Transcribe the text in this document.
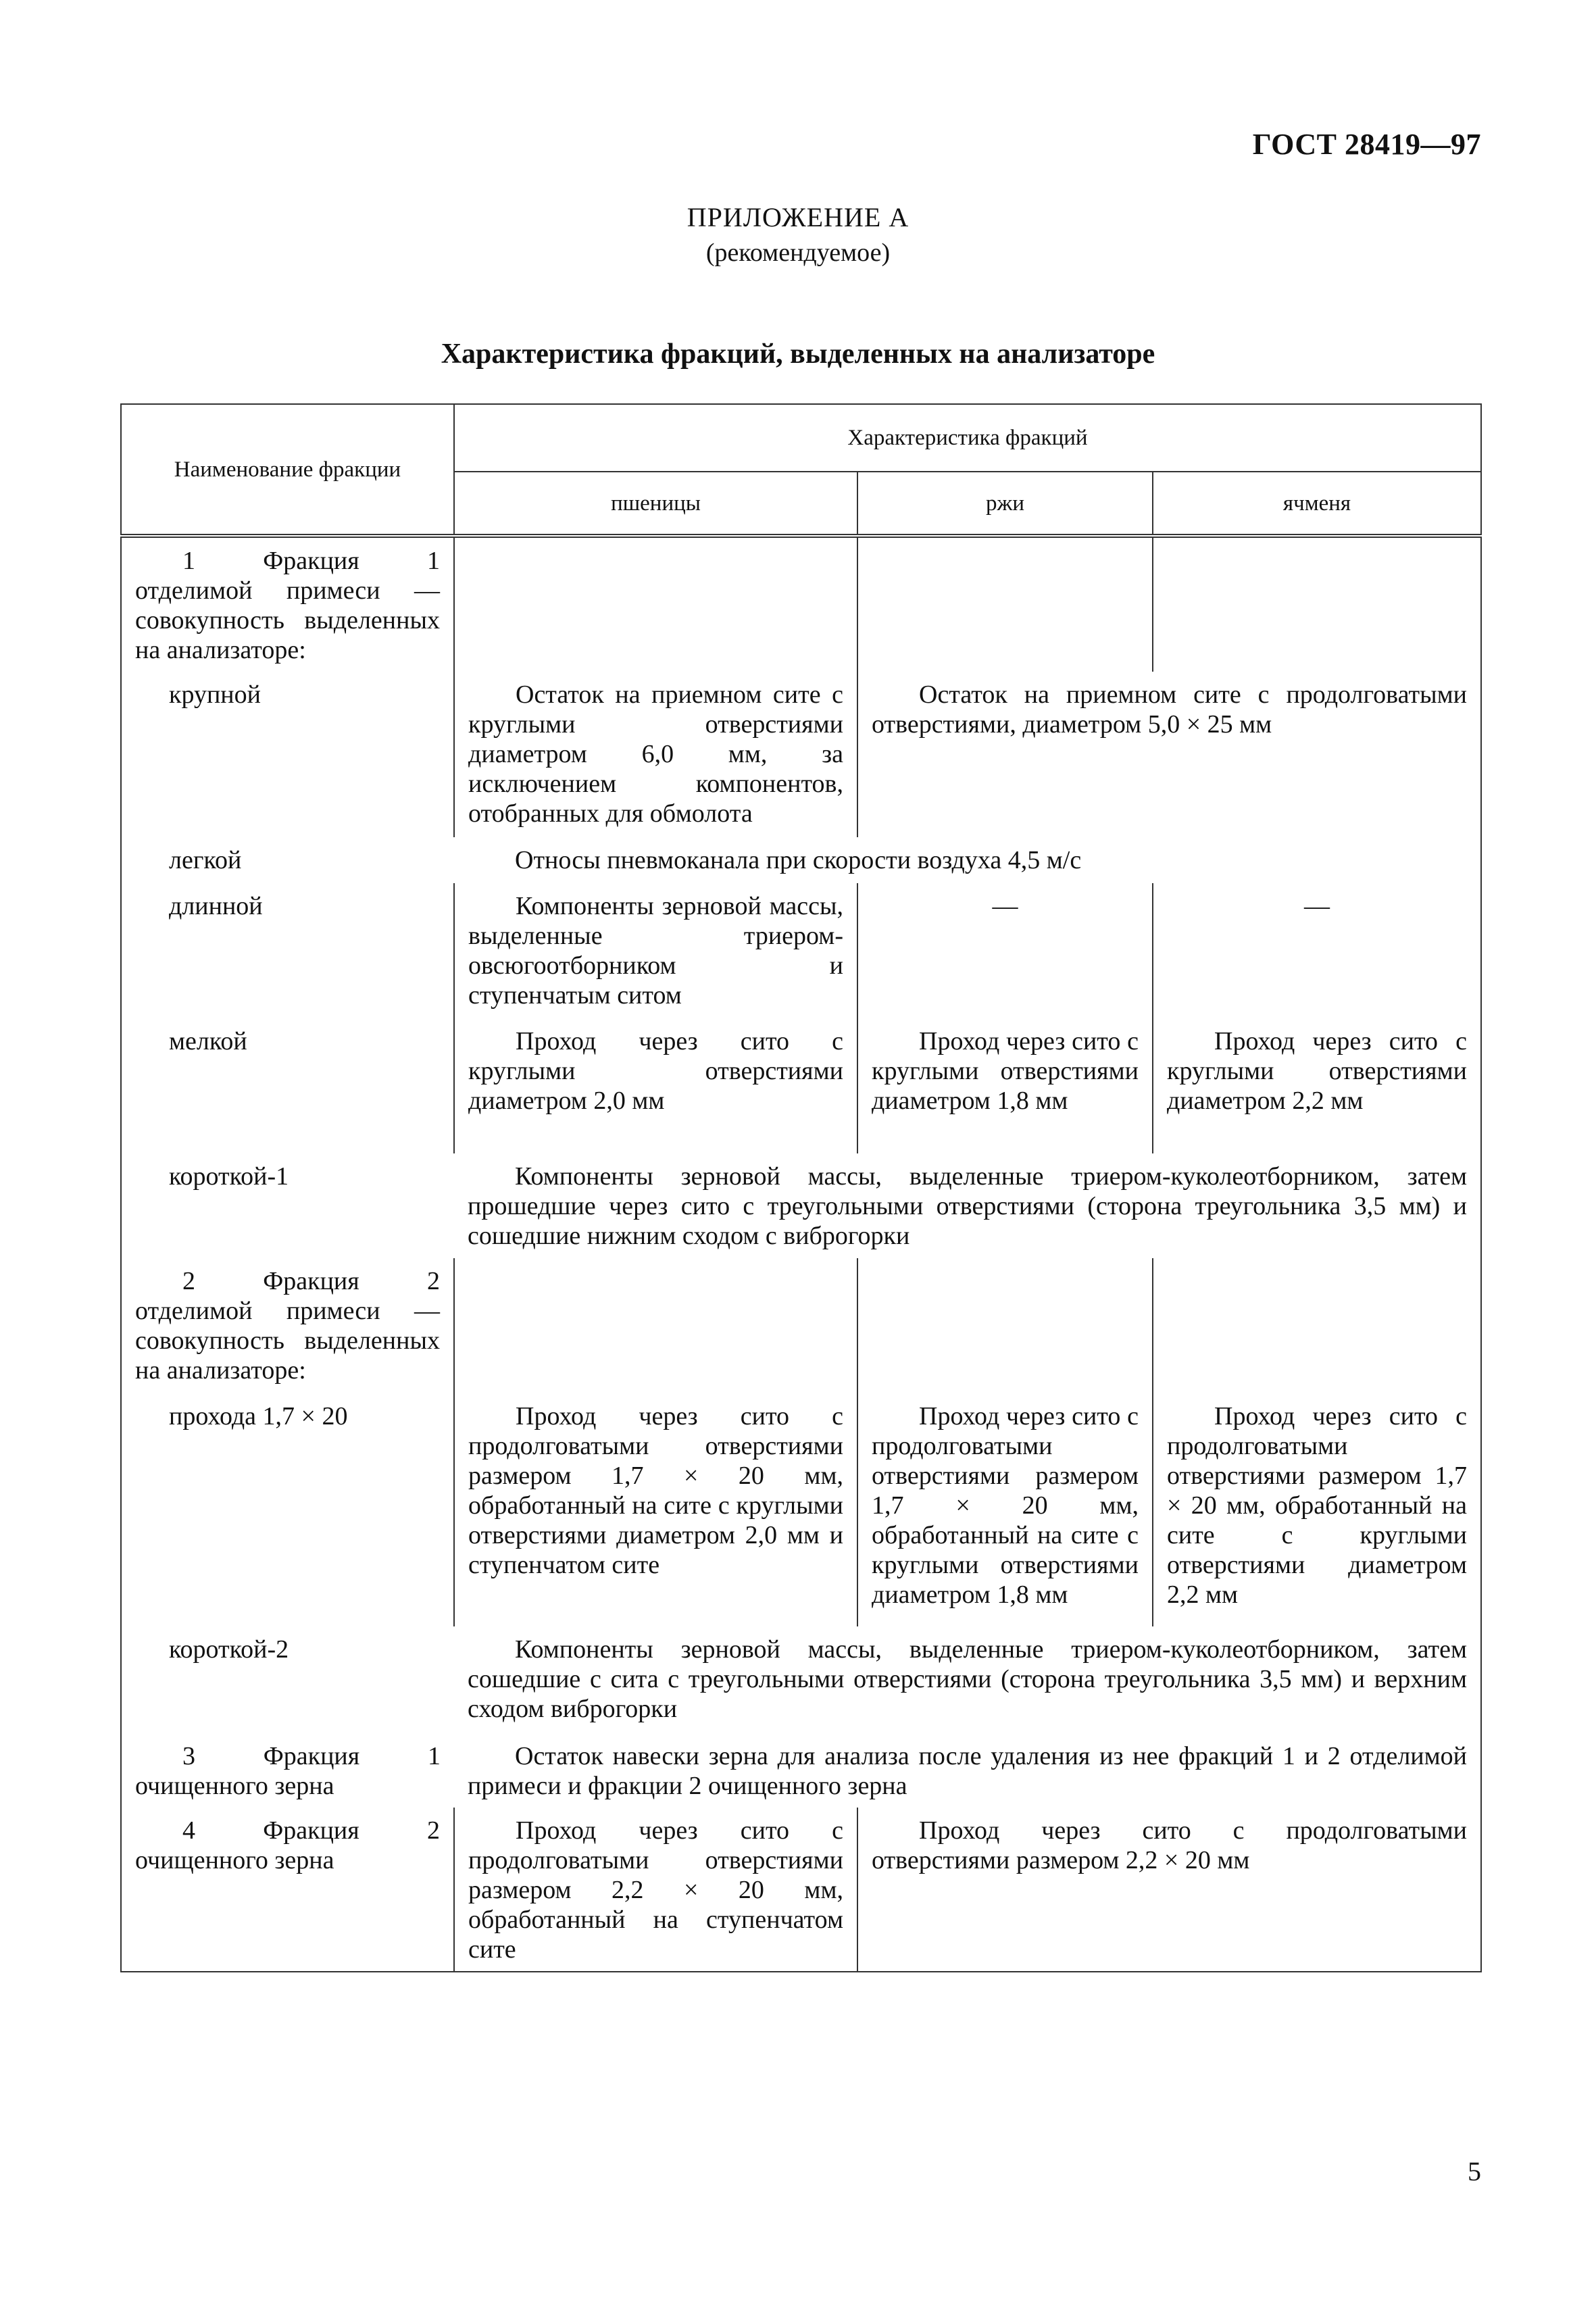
ГОСТ 28419—97
ПРИЛОЖЕНИЕ А
(рекомендуемое)
Характеристика фракций, выделенных на анализаторе
Наименование фракции	Характеристика фракций		
	пшеницы	ржи	ячменя
1 Фракция 1 отделимой примеси — совокупность выделенных на анализаторе:			
крупной	Остаток на приемном сите с круглыми отверстиями диаметром 6,0 мм, за исключением компонентов, отобранных для обмолота	Остаток на приемном сите с продолговатыми отверстиями, диаметром 5,0 × 25 мм	
легкой	Относы пневмоканала при скорости воздуха 4,5 м/с		
длинной	Компоненты зерновой массы, выделенные триером-овсюгоотборником и ступенчатым ситом	—	—
мелкой	Проход через сито с круглыми отверстиями диаметром 2,0 мм	Проход через сито с круглыми отверстиями диаметром 1,8 мм	Проход через сито с круглыми отверстиями диаметром 2,2 мм
короткой-1	Компоненты зерновой массы, выделенные триером-куколеотборником, затем прошедшие через сито с треугольными отверстиями (сторона треугольника 3,5 мм) и сошедшие нижним сходом с виброгорки		
2 Фракция 2 отделимой примеси — совокупность выделенных на анализаторе:			
прохода 1,7 × 20	Проход через сито с продолговатыми отверстиями размером 1,7 × 20 мм, обработанный на сите с круглыми отверстиями диаметром 2,0 мм и ступенчатом сите	Проход через сито с продолговатыми отверстиями размером 1,7 × 20 мм, обработанный на сите с круглыми отверстиями диаметром 1,8 мм	Проход через сито с продолговатыми отверстиями размером 1,7 × 20 мм, обработанный на сите с круглыми отверстиями диаметром 2,2 мм
короткой-2	Компоненты зерновой массы, выделенные триером-куколеотборником, затем сошедшие с сита с треугольными отверстиями (сторона треугольника 3,5 мм) и верхним сходом виброгорки		
3 Фракция 1 очищенного зерна	Остаток навески зерна для анализа после удаления из нее фракций 1 и 2 отделимой примеси и фракции 2 очищенного зерна		
4 Фракция 2 очищенного зерна	Проход через сито с продолговатыми отверстиями размером 2,2 × 20 мм, обработанный на ступенчатом сите	Проход через сито с продолговатыми отверстиями размером 2,2 × 20 мм	
5
